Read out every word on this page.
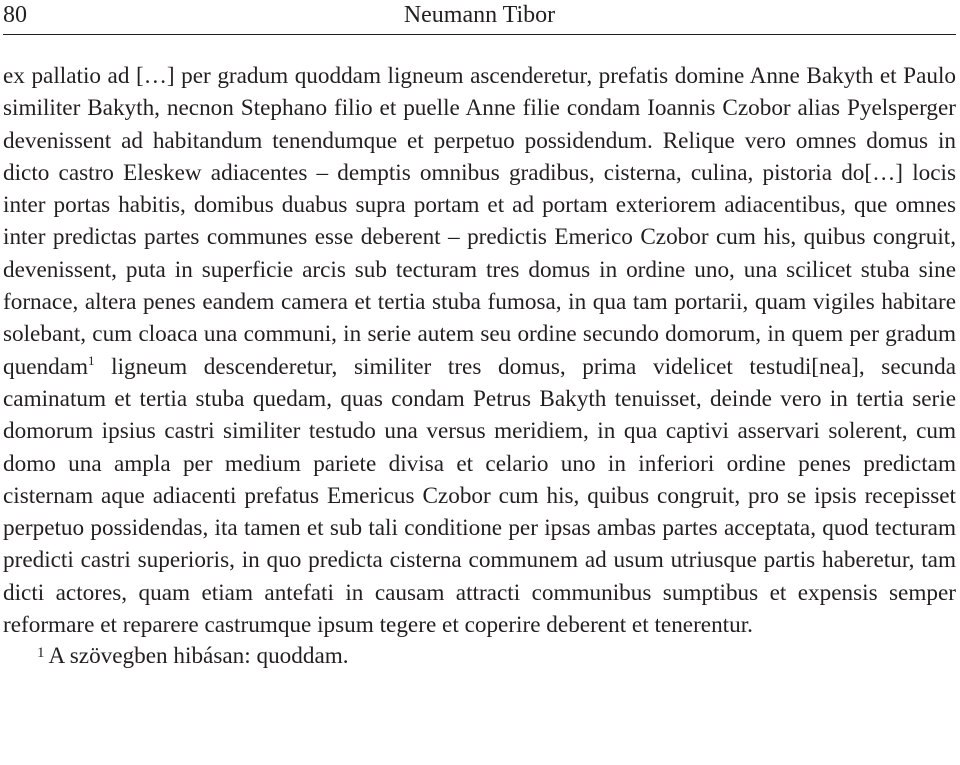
80	Neumann Tibor

ex pallatio ad […] per gradum quoddam ligneum ascenderetur, prefatis domine Anne Bakyth et Paulo similiter Bakyth, necnon Stephano filio et puelle Anne filie condam Ioannis Czobor alias Pyelsperger devenissent ad habitandum tenendumque et perpetuo possidendum. Relique vero omnes domus in dicto castro Eleskew adiacentes – demptis omnibus gradibus, cisterna, culina, pistoria do[…] locis inter portas habitis, domibus duabus supra portam et ad portam exteriorem adiacentibus, que omnes inter predictas partes communes esse deberent – predictis Emerico Czobor cum his, quibus congruit, devenissent, puta in superficie arcis sub tecturam tres domus in ordine uno, una scilicet stuba sine fornace, altera penes eandem camera et tertia stuba fumosa, in qua tam portarii, quam vigiles habitare solebant, cum cloaca una communi, in serie autem seu ordine secundo domorum, in quem per gradum quendam$^1$ ligneum descenderetur, similiter tres domus, prima videlicet testudi[nea], secunda caminatum et tertia stuba quedam, quas condam Petrus Bakyth tenuisset, deinde vero in tertia serie domorum ipsius castri similiter testudo una versus meridiem, in qua captivi asservari solerent, cum domo una ampla per medium pariete divisa et celario uno in inferiori ordine penes predictam cisternam aque adiacenti prefatus Emericus Czobor cum his, quibus congruit, pro se ipsis recepisset perpetuo possidendas, ita tamen et sub tali conditione per ipsas ambas partes acceptata, quod tecturam predicti castri superioris, in quo predicta cisterna communem ad usum utriusque partis haberetur, tam dicti actores, quam etiam antefati in causam attracti communibus sumptibus et expensis semper reformare et reparere castrumque ipsum tegere et coperire deberent et tenerentur.

$^1$ A szövegben hibásan: quoddam.
